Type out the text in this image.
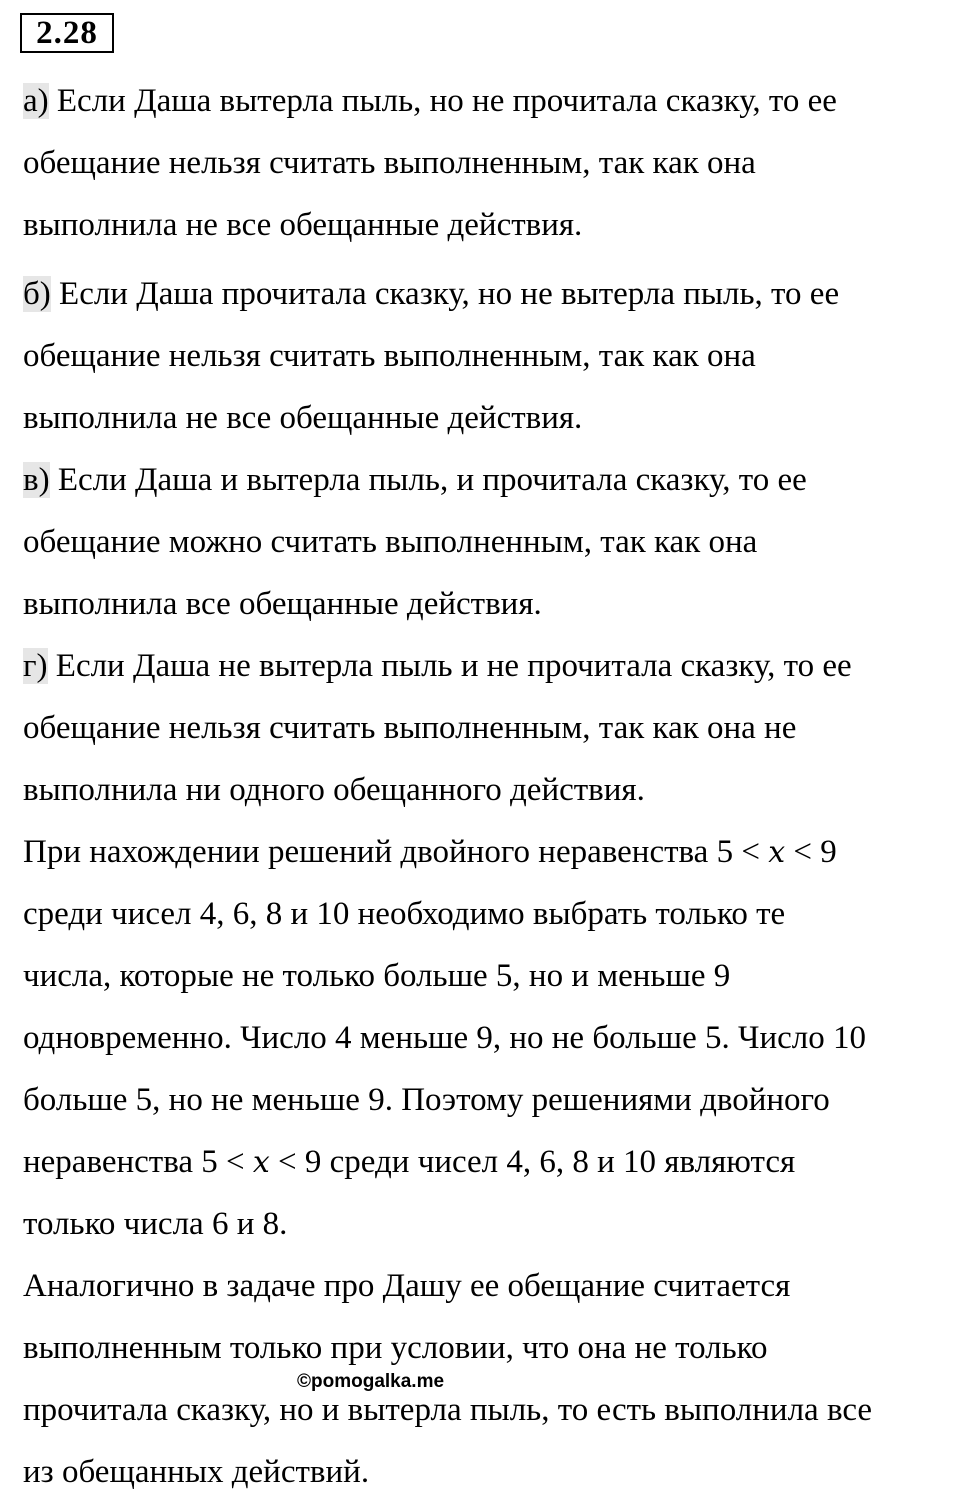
2.28

а) Если Даша вытерла пыль, но не прочитала сказку, то ее
обещание нельзя считать выполненным, так как она
выполнила не все обещанные действия.

б) Если Даша прочитала сказку, но не вытерла пыль, то ее
обещание нельзя считать выполненным, так как она
выполнила не все обещанные действия.

в) Если Даша и вытерла пыль, и прочитала сказку, то ее
обещание можно считать выполненным, так как она
выполнила все обещанные действия.

г) Если Даша не вытерла пыль и не прочитала сказку, то ее
обещание нельзя считать выполненным, так как она не
выполнила ни одного обещанного действия.

При нахождении решений двойного неравенства 5 < 𝑥 < 9
среди чисел 4, 6, 8 и 10 необходимо выбрать только те
числа, которые не только больше 5, но и меньше 9
одновременно. Число 4 меньше 9, но не больше 5. Число 10
больше 5, но не меньше 9. Поэтому решениями двойного
неравенства 5 < 𝑥 < 9 среди чисел 4, 6, 8 и 10 являются
только числа 6 и 8.

Аналогично в задаче про Дашу ее обещание считается
выполненным только при условии, что она не только
прочитала сказку, но и вытерла пыль, то есть выполнила все
из обещанных действий.

©pomogalka.me
